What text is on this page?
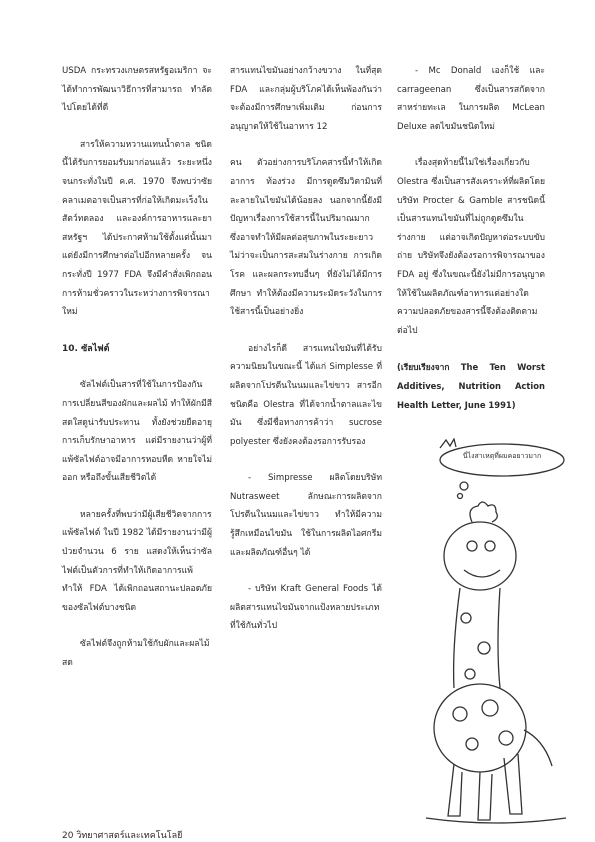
USDA กระทรวงเกษตรสหรัฐอเมริกา จะได้ทำการพัฒนาวิธีการที่สามารถ ทำลัดไปโดยได้ที่ดี

สารให้ความหวานแทนน้ำตาล ชนิดนี้ได้รับการยอมรับมาก่อนแล้ว ระยะหนึ่ง จนกระทั่งในปี ค.ศ. 1970 จึงพบว่าซัยคลาเมตอาจเป็นสารที่ก่อให้เกิดมะเร็งในสัตว์ทดลอง และองค์การอาหารและยาสหรัฐฯ ได้ประกาศห้ามใช้ตั้งแต่นั้นมา แต่ยังมีการศึกษาต่อไปอีกหลายครั้ง จนกระทั่งปี 1977 FDA จึงมีคำสั่งเพิกถอนการห้ามชั่วคราวในระหว่างการพิจารณาใหม่

10. ซัลไฟต์

ซัลไฟต์เป็นสารที่ใช้ในการป้องกันการเปลี่ยนสีของผักและผลไม้ ทำให้ผักมีสีสดใสดูน่ารับประทาน ทั้งยังช่วยยืดอายุการเก็บรักษาอาหาร แต่มีรายงานว่าผู้ที่แพ้ซัลไฟต์อาจมีอาการหอบหืด หายใจไม่ออก หรือถึงขั้นเสียชีวิตได้

หลายครั้งที่พบว่ามีผู้เสียชีวิตจากการแพ้ซัลไฟต์ ในปี 1982 ได้มีรายงานว่ามีผู้ป่วยจำนวน 6 ราย แสดงให้เห็นว่าซัลไฟต์เป็นตัวการที่ทำให้เกิดอาการแพ้ ทำให้ FDA ได้เพิกถอนสถานะปลอดภัยของซัลไฟต์บางชนิด

ซัลไฟต์จึงถูกห้ามใช้กับผักและผลไม้สด

สารแทนไขมันอย่างกว้างขวาง ในที่สุด FDA และกลุ่มผู้บริโภคได้เห็นพ้องกันว่า จะต้องมีการศึกษาเพิ่มเติม ก่อนการอนุญาตให้ใช้ในอาหาร 12

คน ตัวอย่างการบริโภคสารนี้ทำให้เกิดอาการ ท้องร่วง มีการดูดซึมวิตามินที่ละลายในไขมันได้น้อยลง นอกจากนี้ยังมีปัญหาเรื่องการใช้สารนี้ในปริมาณมาก ซึ่งอาจทำให้มีผลต่อสุขภาพในระยะยาว ไม่ว่าจะเป็นการสะสมในร่างกาย การเกิดโรค และผลกระทบอื่นๆ ที่ยังไม่ได้มีการศึกษา ทำให้ต้องมีความระมัดระวังในการใช้สารนี้เป็นอย่างยิ่ง

อย่างไรก็ดี สารแทนไขมันที่ได้รับความนิยมในขณะนี้ ได้แก่ Simplesse ที่ผลิตจากโปรตีนในนมและไข่ขาว สารอีกชนิดคือ Olestra ที่ได้จากน้ำตาลและไขมัน ซึ่งมีชื่อทางการค้าว่า sucrose polyester ซึ่งยังคงต้องรอการรับรอง

- Simpresse ผลิตโดยบริษัท Nutrasweet ลักษณะการผลิตจากโปรตีนในนมและไข่ขาว ทำให้มีความรู้สึกเหมือนไขมัน ใช้ในการผลิตไอศกรีม และผลิตภัณฑ์อื่นๆ ได้

- บริษัท Kraft General Foods ได้ผลิตสารแทนไขมันจากแป้งหลายประเภทที่ใช้กันทั่วไป

- Mc Donald เองก็ใช้ และ carrageenan ซึ่งเป็นสารสกัดจากสาหร่ายทะเล ในการผลิต McLean Deluxe ลดไขมันชนิดใหม่

เรื่องสุดท้ายนี้ไม่ใช่เรื่องเกี่ยวกับ Olestra ซึ่งเป็นสารสังเคราะห์ที่ผลิตโดยบริษัท Procter & Gamble สารชนิดนี้เป็นสารแทนไขมันที่ไม่ถูกดูดซึมในร่างกาย แต่อาจเกิดปัญหาต่อระบบขับถ่าย บริษัทจึงยังต้องรอการพิจารณาของ FDA อยู่ ซึ่งในขณะนี้ยังไม่มีการอนุญาตให้ใช้ในผลิตภัณฑ์อาหารแต่อย่างใด ความปลอดภัยของสารนี้จึงต้องติดตามต่อไป

(เรียบเรียงจาก The Ten Worst Additives, Nutrition Action Health Letter, June 1991)

นี่ไงสาเหตุที่ผมคอยาวมาก
20 วิทยาศาสตร์และเทคโนโลยี
